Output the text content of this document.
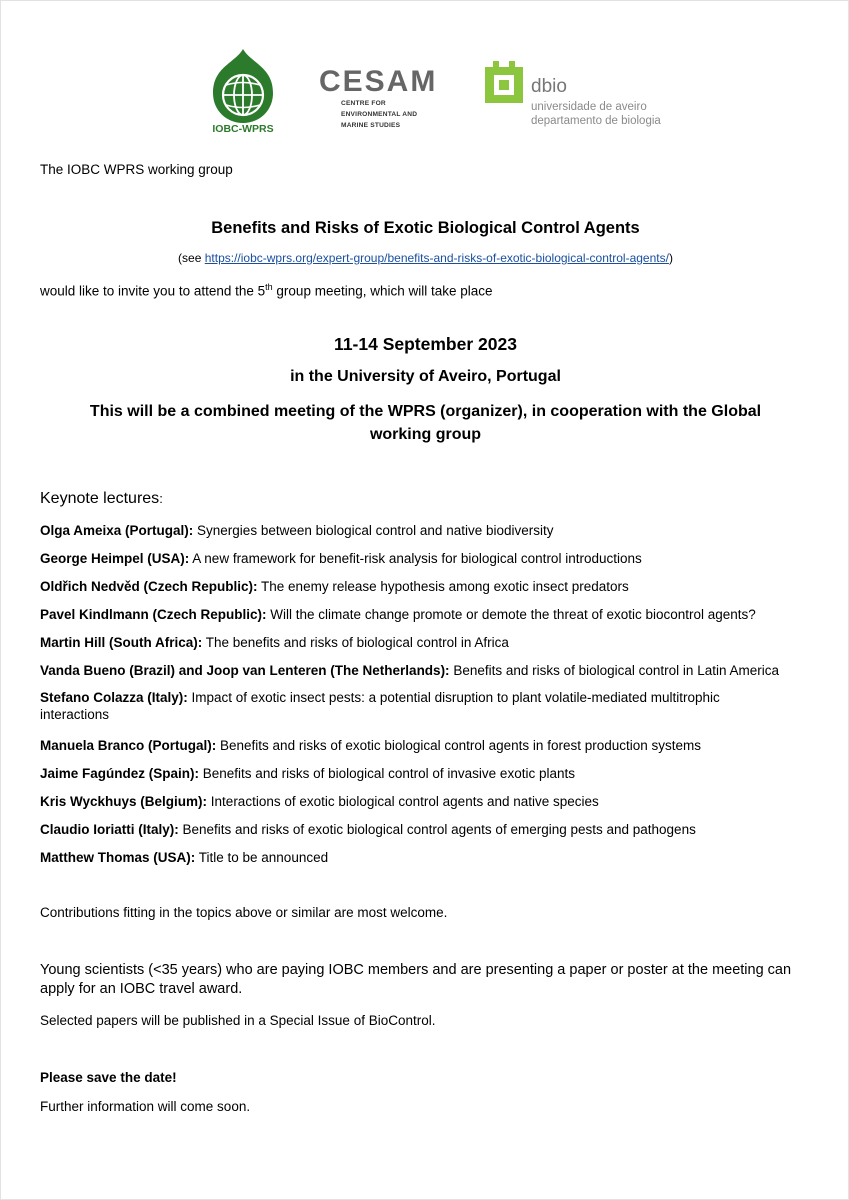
IOBC-WPRS
CESAM
CENTRE FOR
ENVIRONMENTAL AND
MARINE STUDIES
dbio
universidade de aveiro
departamento de biologia
The IOBC WPRS working group
Benefits and Risks of Exotic Biological Control Agents
(see https://iobc-wprs.org/expert-group/benefits-and-risks-of-exotic-biological-control-agents/)
would like to invite you to attend the 5th group meeting, which will take place
11-14 September 2023
in the University of Aveiro, Portugal
This will be a combined meeting of the WPRS (organizer), in cooperation with the Global
working group
Keynote lectures:
Olga Ameixa (Portugal): Synergies between biological control and native biodiversity
George Heimpel (USA): A new framework for benefit-risk analysis for biological control introductions
Oldřich Nedvěd (Czech Republic): The enemy release hypothesis among exotic insect predators
Pavel Kindlmann (Czech Republic): Will the climate change promote or demote the threat of exotic biocontrol agents?
Martin Hill (South Africa): The benefits and risks of biological control in Africa
Vanda Bueno (Brazil) and Joop van Lenteren (The Netherlands): Benefits and risks of biological control in Latin America
Stefano Colazza (Italy): Impact of exotic insect pests: a potential disruption to plant volatile-mediated multitrophic
interactions
Manuela Branco (Portugal): Benefits and risks of exotic biological control agents in forest production systems
Jaime Fagúndez (Spain): Benefits and risks of biological control of invasive exotic plants
Kris Wyckhuys (Belgium): Interactions of exotic biological control agents and native species
Claudio Ioriatti (Italy): Benefits and risks of exotic biological control agents of emerging pests and pathogens
Matthew Thomas (USA): Title to be announced
Contributions fitting in the topics above or similar are most welcome.
Young scientists (<35 years) who are paying IOBC members and are presenting a paper or poster at the meeting can apply for an IOBC travel award.
Selected papers will be published in a Special Issue of BioControl.
Please save the date!
Further information will come soon.
